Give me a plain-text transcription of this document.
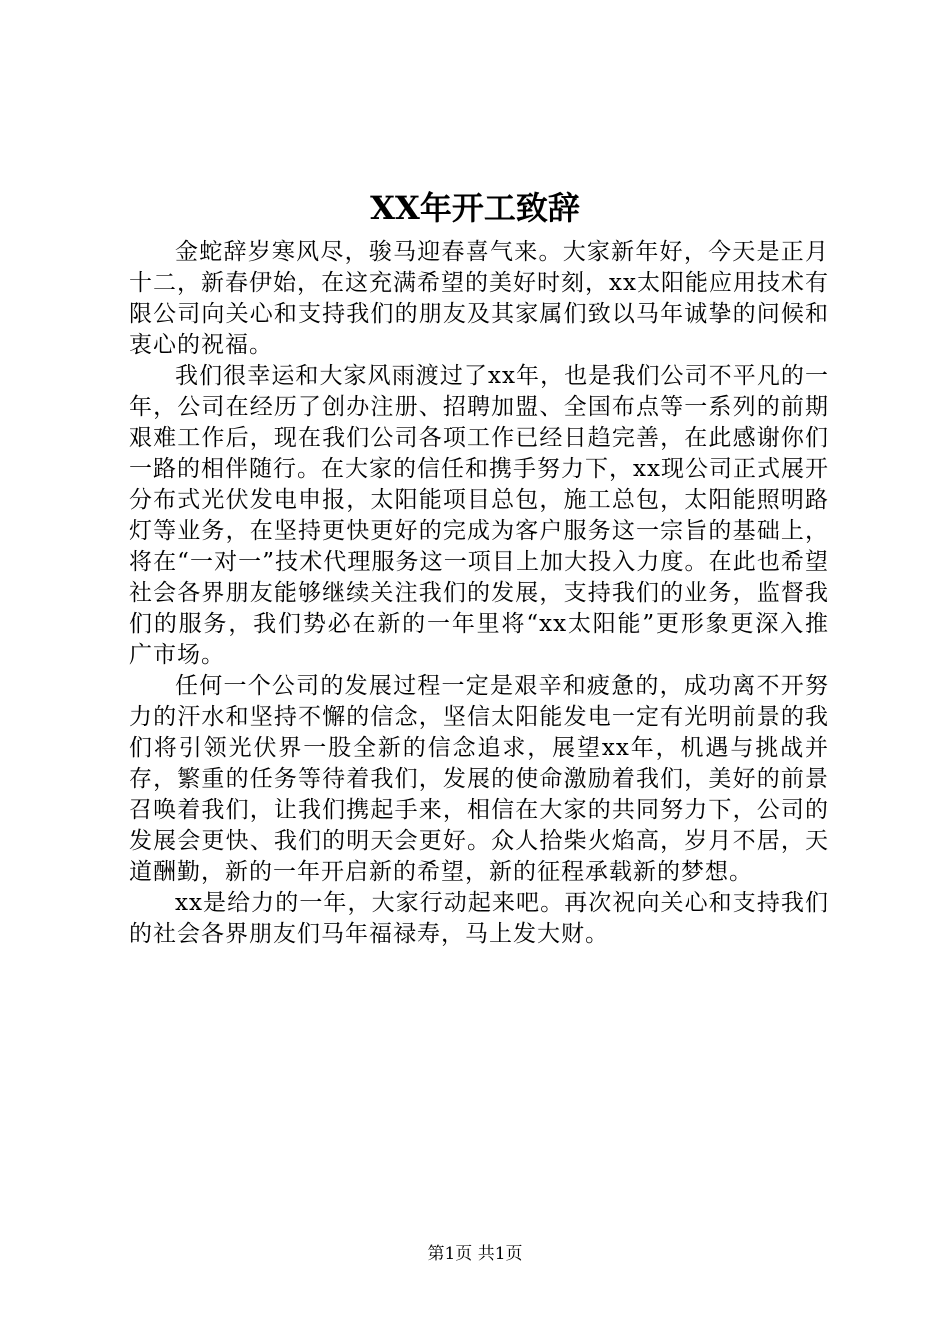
XX年开工致辞

金蛇辞岁寒风尽，骏马迎春喜气来。大家新年好，今天是正月十二，新春伊始，在这充满希望的美好时刻，xx太阳能应用技术有限公司向关心和支持我们的朋友及其家属们致以马年诚挚的问候和衷心的祝福。

我们很幸运和大家风雨渡过了xx年，也是我们公司不平凡的一年，公司在经历了创办注册、招聘加盟、全国布点等一系列的前期艰难工作后，现在我们公司各项工作已经日趋完善，在此感谢你们一路的相伴随行。在大家的信任和携手努力下，xx现公司正式展开分布式光伏发电申报，太阳能项目总包，施工总包，太阳能照明路灯等业务，在坚持更快更好的完成为客户服务这一宗旨的基础上，将在“一对一”技术代理服务这一项目上加大投入力度。在此也希望社会各界朋友能够继续关注我们的发展，支持我们的业务，监督我们的服务，我们势必在新的一年里将“xx太阳能”更形象更深入推广市场。

任何一个公司的发展过程一定是艰辛和疲惫的，成功离不开努力的汗水和坚持不懈的信念，坚信太阳能发电一定有光明前景的我们将引领光伏界一股全新的信念追求，展望xx年，机遇与挑战并存，繁重的任务等待着我们，发展的使命激励着我们，美好的前景召唤着我们，让我们携起手来，相信在大家的共同努力下，公司的发展会更快、我们的明天会更好。众人拾柴火焰高，岁月不居，天道酬勤，新的一年开启新的希望，新的征程承载新的梦想。

xx是给力的一年，大家行动起来吧。再次祝向关心和支持我们的社会各界朋友们马年福禄寿，马上发大财。

第1页 共1页
